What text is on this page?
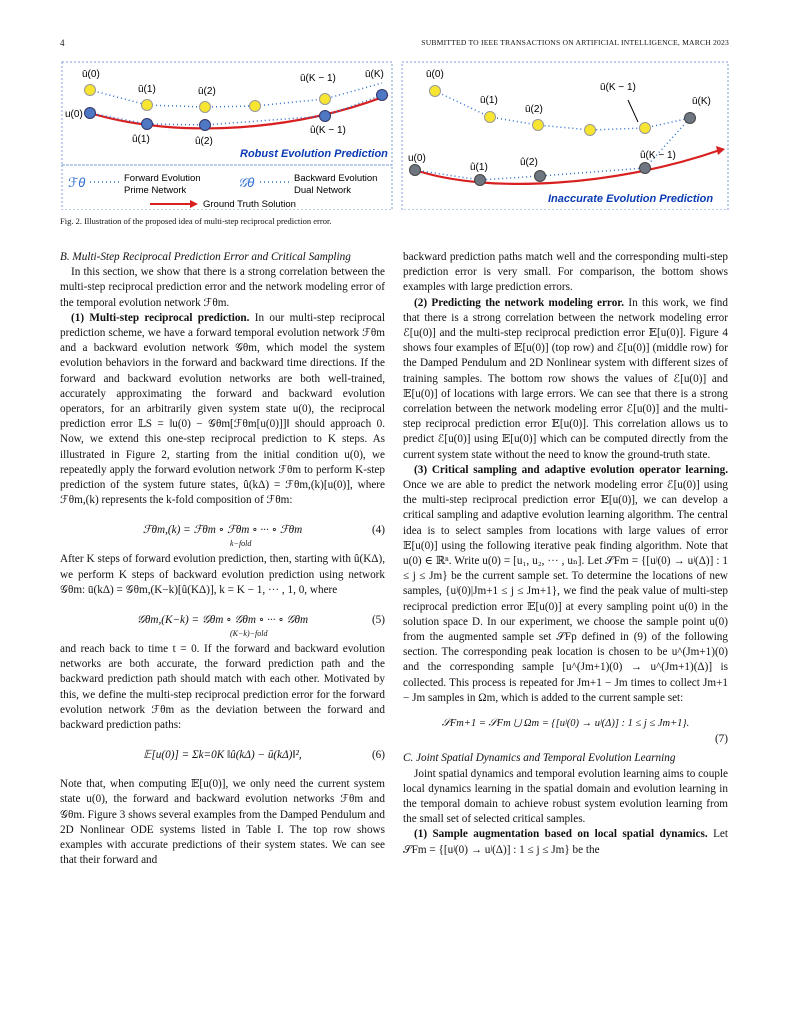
4	SUBMITTED TO IEEE TRANSACTIONS ON ARTIFICIAL INTELLIGENCE, MARCH 2023
ū(0)
ū(1)	ū(2)
ū(K − 1)	ū(K)
u(0)
û(1)	û(2)
û(K − 1)
Robust Evolution Prediction
ℱθ	Forward Evolution
Prime Network
𝒢θ	Backward Evolution
Dual Network
Ground Truth Solution
ū(0)
ū(1)
ū(2)
ū(K − 1)
ū(K)
u(0)
û(1)	û(2)
û(K − 1)
Inaccurate Evolution Prediction
Fig. 2. Illustration of the proposed idea of multi-step reciprocal prediction error.

B. Multi-Step Reciprocal Prediction Error and Critical Sampling

In this section, we show that there is a strong correlation between the multi-step reciprocal prediction error and the network modeling error of the temporal evolution network ℱθm.

(1) Multi-step reciprocal prediction. In our multi-step reciprocal prediction scheme, we have a forward temporal evolution network ℱθm and a backward evolution network 𝒢θm, which model the system evolution behaviors in the forward and backward time directions. If the forward and backward evolution networks are both well-trained, accurately approximating the forward and backward evolution operators, for an arbitrarily given system state u(0), the reciprocal prediction error 𝕃S = ‖u(0) − 𝒢θm[ℱθm[u(0)]]‖ should approach 0. Now, we extend this one-step reciprocal prediction to K steps. As illustrated in Figure 2, starting from the initial condition u(0), we repeatedly apply the forward evolution network ℱθm to perform K-step prediction of the system future states, û(kΔ) = ℱθm,(k)[u(0)], where ℱθm,(k) represents the k-fold composition of ℱθm:

ℱθm,(k) = ℱθm ∘ ℱθm ∘ ··· ∘ ℱθm
k−fold
(4)

After K steps of forward evolution prediction, then, starting with û(KΔ), we perform K steps of backward evolution prediction using network 𝒢θm: ū(kΔ) = 𝒢θm,(K−k)[û(KΔ)], k = K − 1, ··· , 1, 0, where

𝒢θm,(K−k) = 𝒢θm ∘ 𝒢θm ∘ ··· ∘ 𝒢θm
(K−k)−fold
(5)

and reach back to time t = 0. If the forward and backward evolution networks are both accurate, the forward prediction path and the backward prediction path should match with each other. Motivated by this, we define the multi-step reciprocal prediction error for the forward evolution network ℱθm as the deviation between the forward and backward prediction paths:

𝔼[u(0)] = Σk=0K ‖û(kΔ) − ū(kΔ)‖²,	(6)

Note that, when computing 𝔼[u(0)], we only need the current system state u(0), the forward and backward evolution networks ℱθm and 𝒢θm. Figure 3 shows several examples from the Damped Pendulum and 2D Nonlinear ODE systems listed in Table I. The top row shows examples with accurate predictions of their system states. We can see that their forward and

backward prediction paths match well and the corresponding multi-step prediction error is very small. For comparison, the bottom shows examples with large prediction errors.

(2) Predicting the network modeling error. In this work, we find that there is a strong correlation between the network modeling error ℰ[u(0)] and the multi-step reciprocal prediction error 𝔼[u(0)]. Figure 4 shows four examples of 𝔼[u(0)] (top row) and ℰ[u(0)] (middle row) for the Damped Pendulum and 2D Nonlinear system with different sizes of training samples. The bottom row shows the values of ℰ[u(0)] and 𝔼[u(0)] of locations with large errors. We can see that there is a strong correlation between the network modeling error ℰ[u(0)] and the multi-step reciprocal prediction error 𝔼[u(0)]. This correlation allows us to predict ℰ[u(0)] using 𝔼[u(0)] which can be computed directly from the current system state without the need to know the ground-truth state.

(3) Critical sampling and adaptive evolution operator learning. Once we are able to predict the network modeling error ℰ[u(0)] using the multi-step reciprocal prediction error 𝔼[u(0)], we can develop a critical sampling and adaptive evolution learning algorithm. The central idea is to select samples from locations with large values of error 𝔼[u(0)] using the following iterative peak finding algorithm. Note that u(0) ∈ ℝⁿ. Write u(0) = [u₁, u₂, ··· , uₙ]. Let 𝒮Fm = {[uʲ(0) → uʲ(Δ)] : 1 ≤ j ≤ Jm} be the current sample set. To determine the locations of new samples, {uʲ(0)|Jm+1 ≤ j ≤ Jm+1}, we find the peak value of multi-step reciprocal prediction error 𝔼[u(0)] at every sampling point u(0) in the solution space D. In our experiment, we choose the sample point u(0) from the augmented sample set 𝒮Fp defined in (9) of the following section. The corresponding peak location is chosen to be u^(Jm+1)(0) and the corresponding sample [u^(Jm+1)(0) → u^(Jm+1)(Δ)] is collected. This process is repeated for Jm+1 − Jm times to collect Jm+1 − Jm samples in Ωm, which is added to the current sample set:

𝒮Fm+1 = 𝒮Fm ⋃ Ωm = {[uʲ(0) → uʲ(Δ)] : 1 ≤ j ≤ Jm+1}.
(7)

C. Joint Spatial Dynamics and Temporal Evolution Learning

Joint spatial dynamics and temporal evolution learning aims to couple local dynamics learning in the spatial domain and evolution learning in the temporal domain to achieve robust system evolution learning from the small set of selected critical samples.

(1) Sample augmentation based on local spatial dynamics. Let 𝒮Fm = {[uʲ(0) → uʲ(Δ)] : 1 ≤ j ≤ Jm} be the
